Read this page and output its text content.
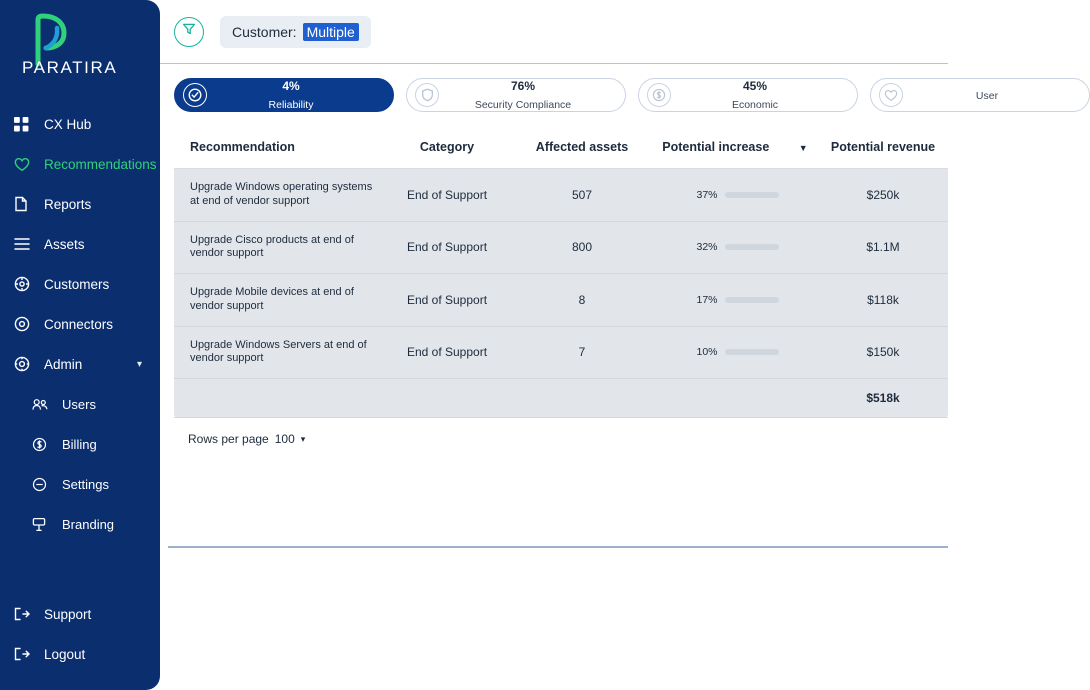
PARATIRA
CX Hub
Recommendations
Reports
Assets
Customers
Connectors
Admin	▾
Users
Billing
Settings
Branding
Support
Logout
Customer: Multiple
4%
Reliability
76%
Security Compliance
45%
Economic
User
Recommendation	Category	Affected assets	Potential increase ▼	Potential revenue
Upgrade Windows operating systems at end of vendor support	End of Support	507	37%	$250k
Upgrade Cisco products at end of vendor support	End of Support	800	32%	$1.1M
Upgrade Mobile devices at end of vendor support	End of Support	8	17%	$118k
Upgrade Windows Servers at end of vendor support	End of Support	7	10%	$150k
				$518k
Rows per page 100 ▾
